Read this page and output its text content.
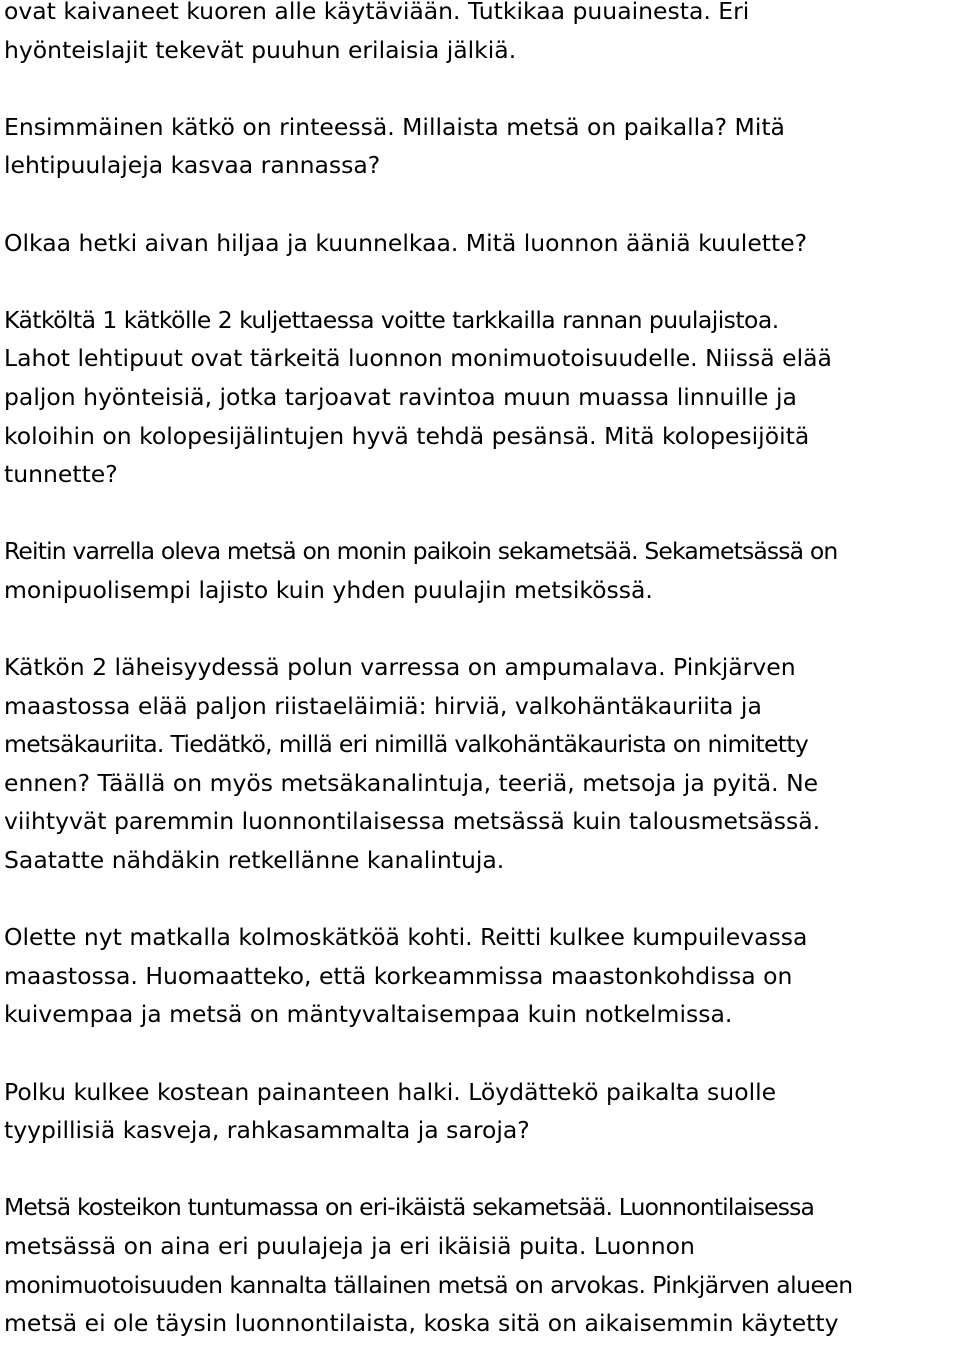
ovat kaivaneet kuoren alle käytäviään. Tutkikaa puuainesta. Eri
hyönteislajit tekevät puuhun erilaisia jälkiä.

Ensimmäinen kätkö on rinteessä. Millaista metsä on paikalla? Mitä
lehtipuulajeja kasvaa rannassa?

Olkaa hetki aivan hiljaa ja kuunnelkaa. Mitä luonnon ääniä kuulette?

Kätköltä 1 kätkölle 2 kuljettaessa voitte tarkkailla rannan puulajistoa.
Lahot lehtipuut ovat tärkeitä luonnon monimuotoisuudelle. Niissä elää
paljon hyönteisiä, jotka tarjoavat ravintoa muun muassa linnuille ja
koloihin on kolopesijälintujen hyvä tehdä pesänsä. Mitä kolopesijöitä
tunnette?

Reitin varrella oleva metsä on monin paikoin sekametsää. Sekametsässä on
monipuolisempi lajisto kuin yhden puulajin metsikössä.

Kätkön 2 läheisyydessä polun varressa on ampumalava. Pinkjärven
maastossa elää paljon riistaeläimiä: hirviä, valkohäntäkauriita ja
metsäkauriita. Tiedätkö, millä eri nimillä valkohäntäkaurista on nimitetty
ennen? Täällä on myös metsäkanalintuja, teeriä, metsoja ja pyitä. Ne
viihtyvät paremmin luonnontilaisessa metsässä kuin talousmetsässä.
Saatatte nähdäkin retkellänne kanalintuja.

Olette nyt matkalla kolmoskätköä kohti. Reitti kulkee kumpuilevassa
maastossa. Huomaatteko, että korkeammissa maastonkohdissa on
kuivempaa ja metsä on mäntyvaltaisempaa kuin notkelmissa.

Polku kulkee kostean painanteen halki. Löydättekö paikalta suolle
tyypillisiä kasveja, rahkasammalta ja saroja?

Metsä kosteikon tuntumassa on eri-ikäistä sekametsää. Luonnontilaisessa
metsässä on aina eri puulajeja ja eri ikäisiä puita. Luonnon
monimuotoisuuden kannalta tällainen metsä on arvokas. Pinkjärven alueen
metsä ei ole täysin luonnontilaista, koska sitä on aikaisemmin käytetty
